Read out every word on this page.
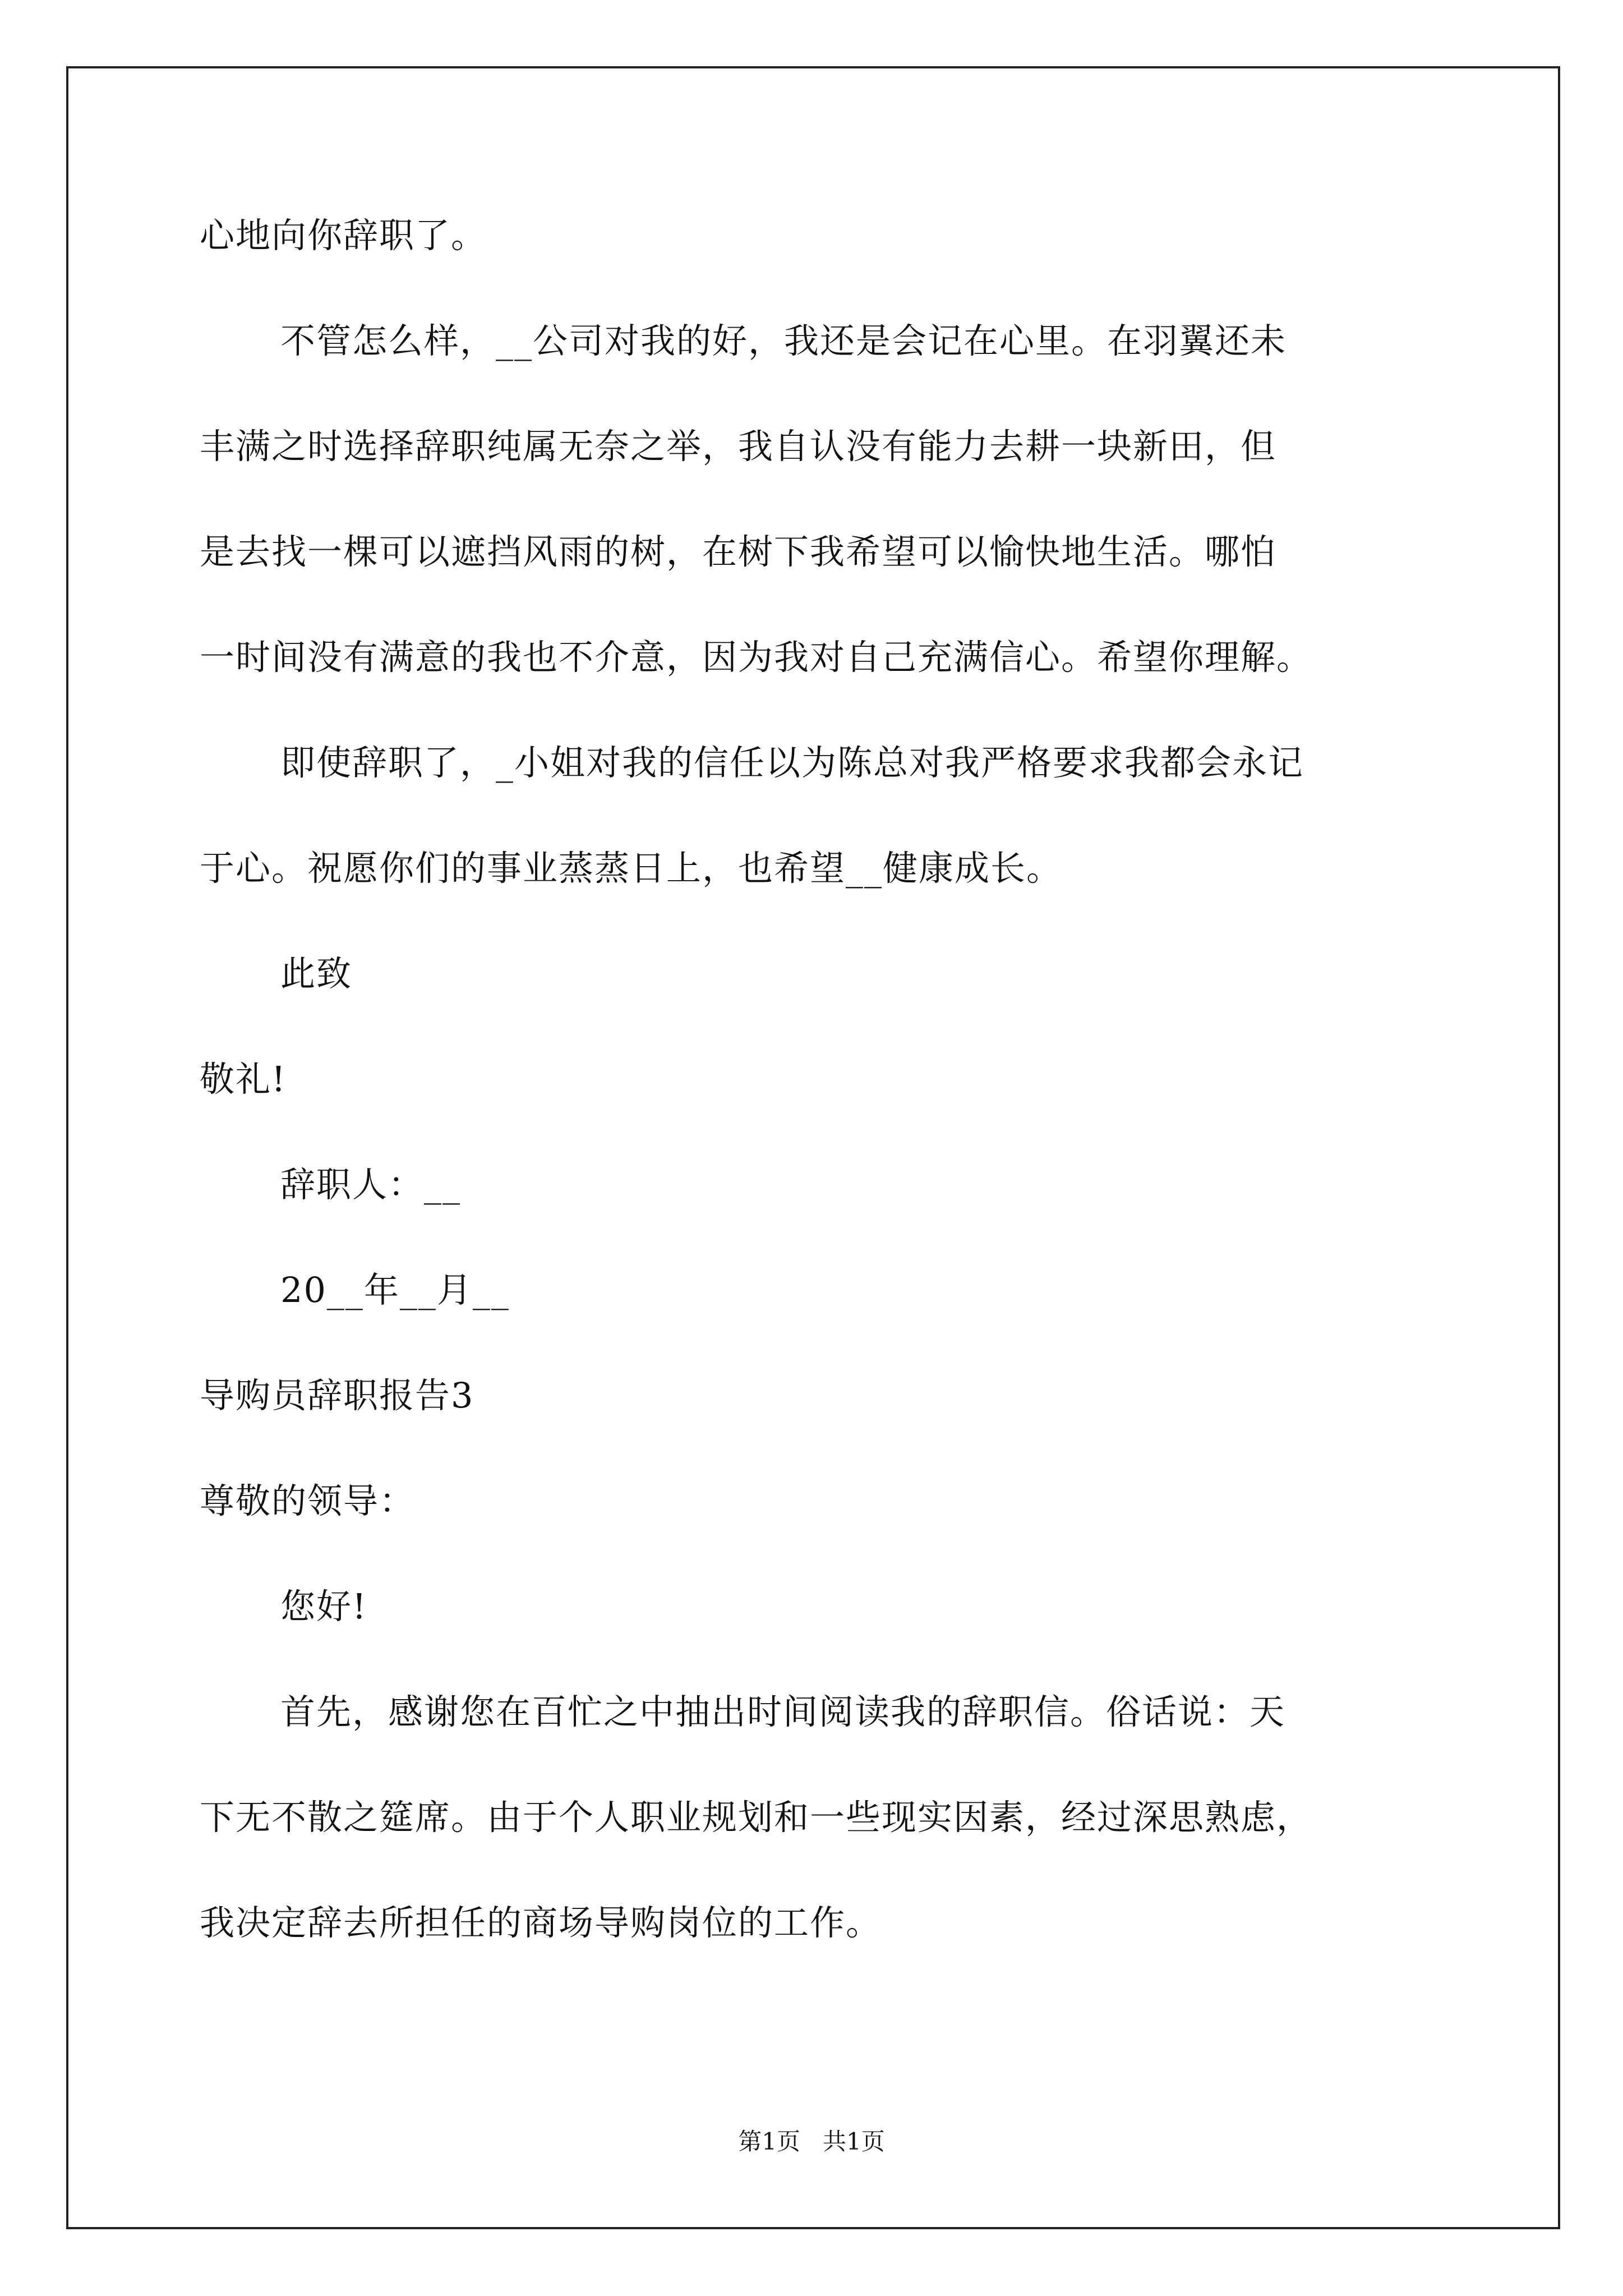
心地向你辞职了。
不管怎么样，__公司对我的好，我还是会记在心里。在羽翼还未
丰满之时选择辞职纯属无奈之举，我自认没有能力去耕一块新田，但
是去找一棵可以遮挡风雨的树，在树下我希望可以愉快地生活。哪怕
一时间没有满意的我也不介意，因为我对自己充满信心。希望你理解。
即使辞职了，_小姐对我的信任以为陈总对我严格要求我都会永记
于心。祝愿你们的事业蒸蒸日上，也希望__健康成长。
此致
敬礼!
辞职人：__
20__年__月__
导购员辞职报告3
尊敬的领导：
您好!
首先，感谢您在百忙之中抽出时间阅读我的辞职信。俗话说：天
下无不散之筵席。由于个人职业规划和一些现实因素，经过深思熟虑，
我决定辞去所担任的商场导购岗位的工作。
第1页   共1页
